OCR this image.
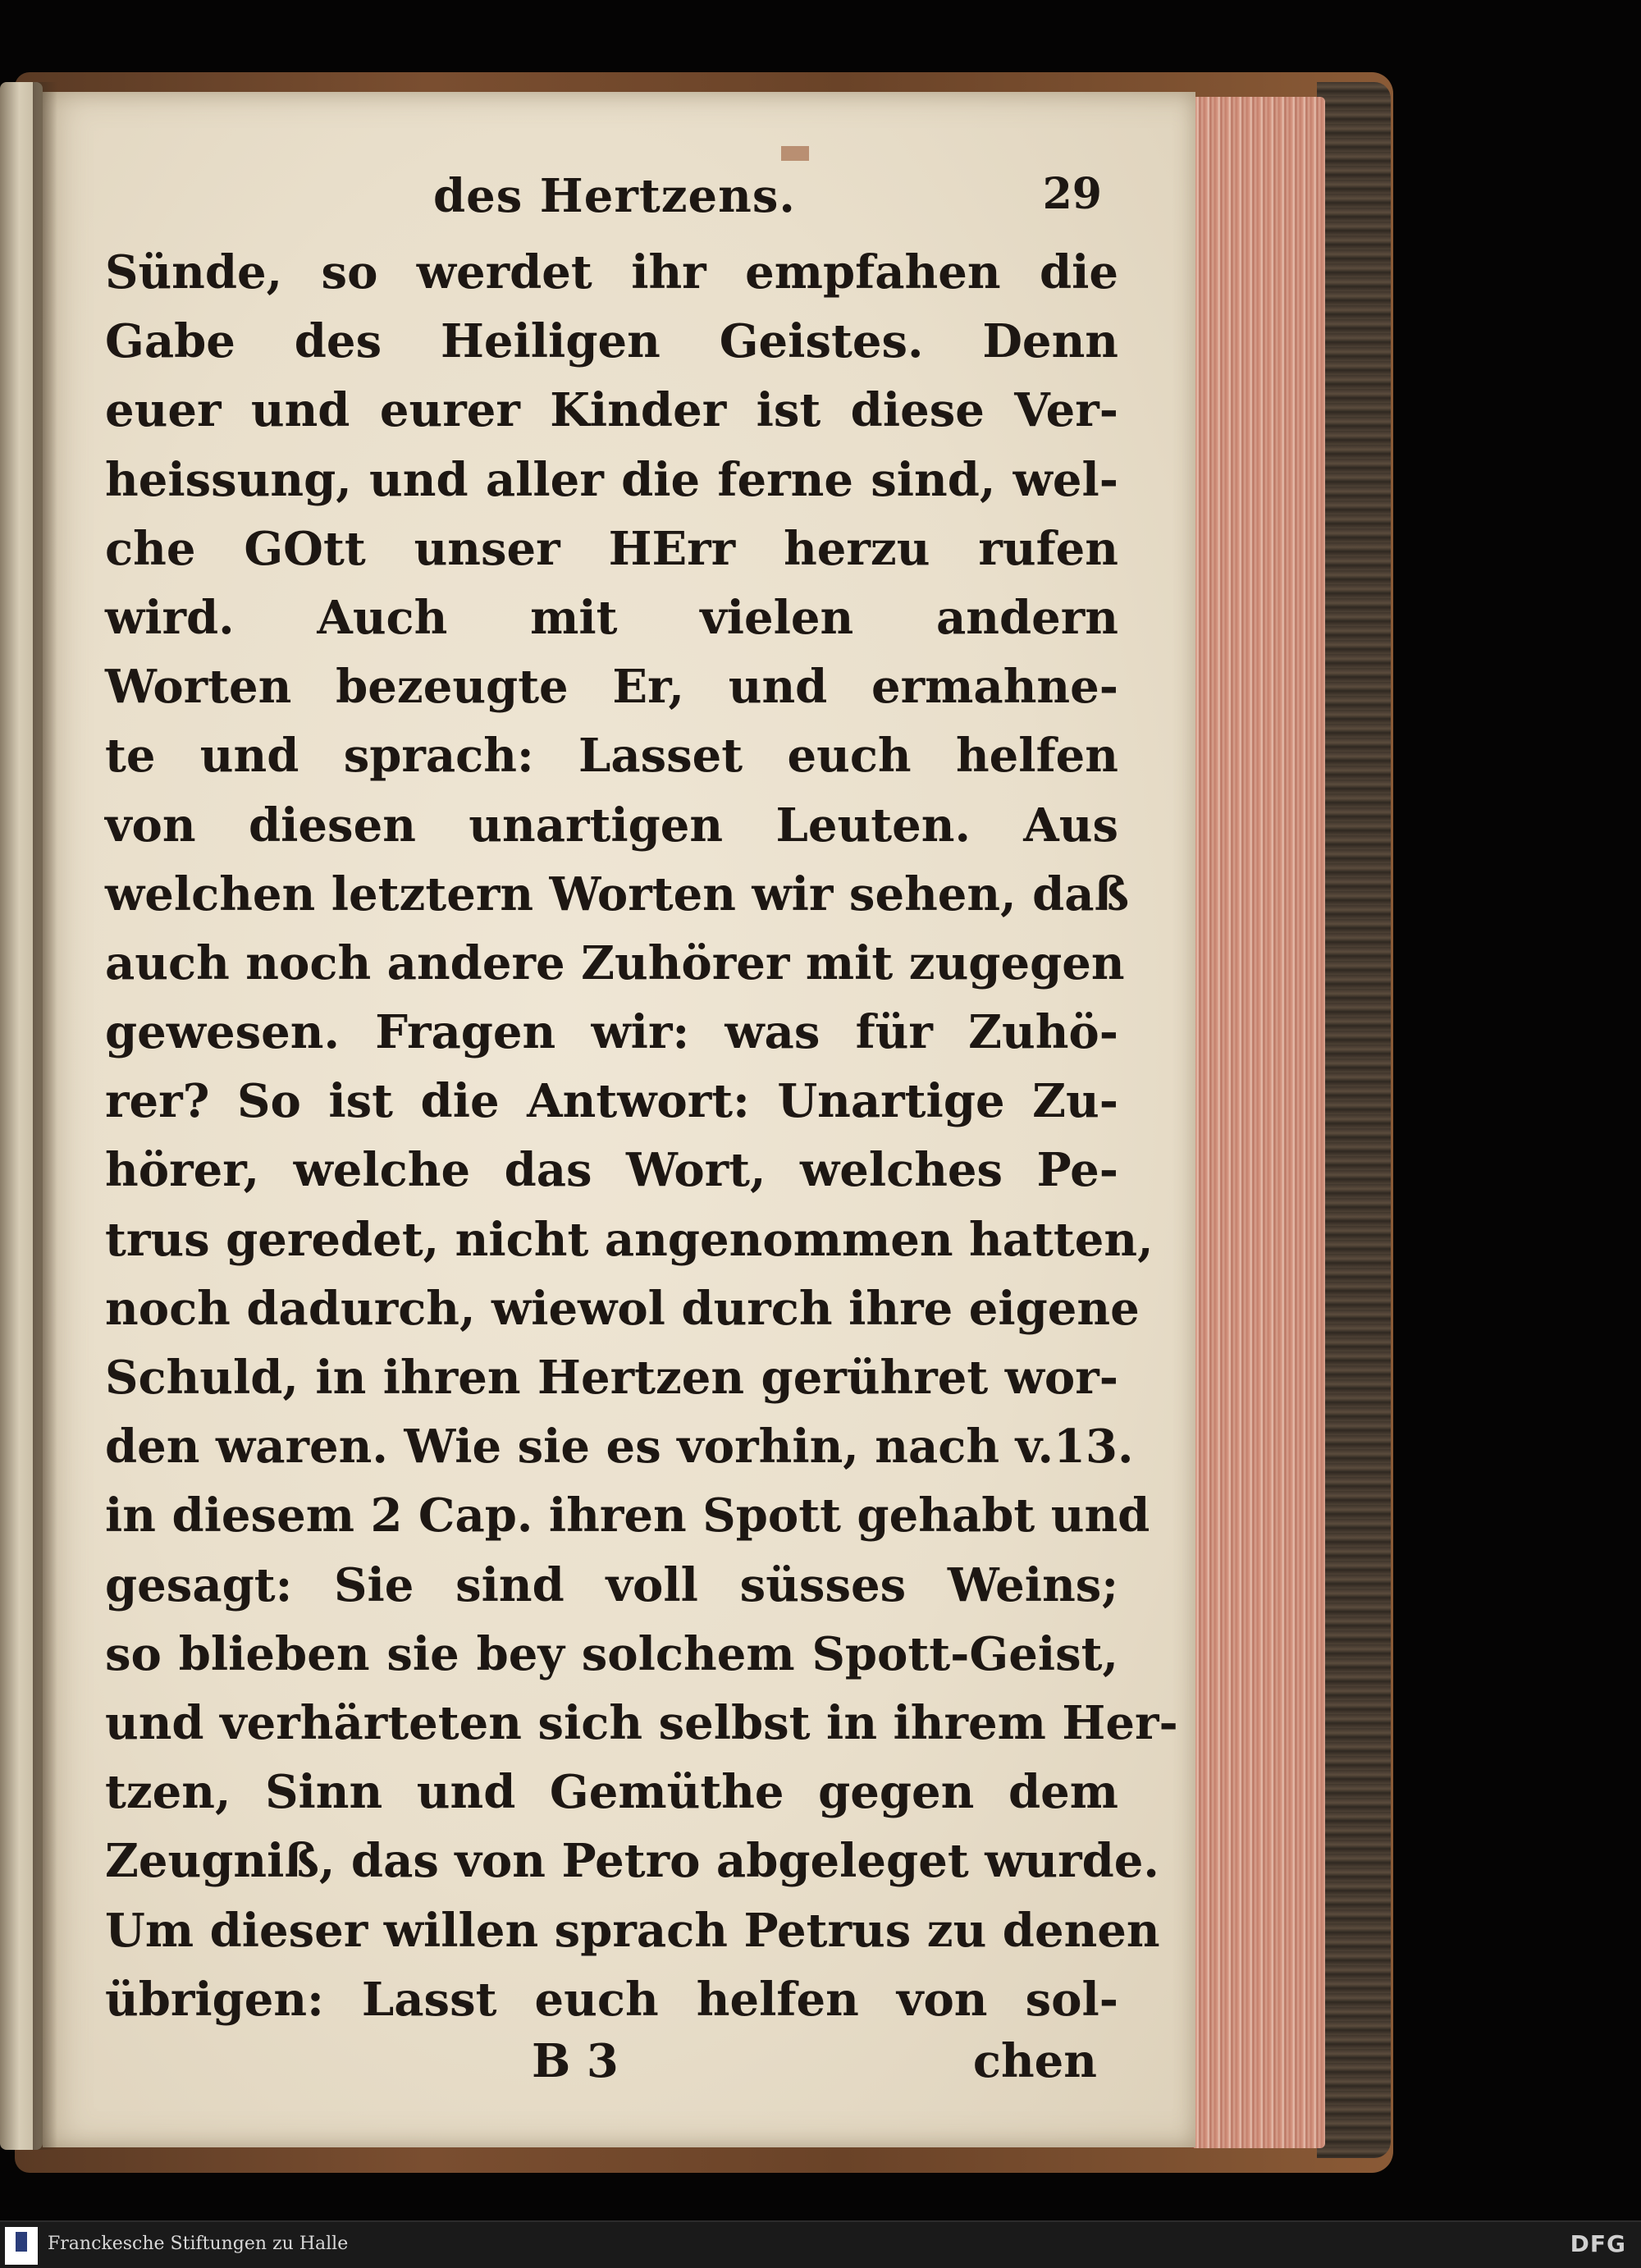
des Hertzens.	29
Sünde, so werdet ihr empfahen die
Gabe des Heiligen Geistes. Denn
euer und eurer Kinder ist diese Ver-
heissung, und aller die ferne sind, wel-
che GOtt unser HErr herzu rufen
wird. Auch mit vielen andern
Worten bezeugte Er, und ermahne-
te und sprach: Lasset euch helfen
von diesen unartigen Leuten. Aus
welchen letztern Worten wir sehen, daß
auch noch andere Zuhörer mit zugegen
gewesen. Fragen wir: was für Zuhö-
rer? So ist die Antwort: Unartige Zu-
hörer, welche das Wort, welches Pe-
trus geredet, nicht angenommen hatten,
noch dadurch, wiewol durch ihre eigene
Schuld, in ihren Hertzen gerühret wor-
den waren. Wie sie es vorhin, nach v.13.
in diesem 2 Cap. ihren Spott gehabt und
gesagt: Sie sind voll süsses Weins;
so blieben sie bey solchem Spott-Geist,
und verhärteten sich selbst in ihrem Her-
tzen, Sinn und Gemüthe gegen dem
Zeugniß, das von Petro abgeleget wurde.
Um dieser willen sprach Petrus zu denen
übrigen: Lasst euch helfen von sol-
B 3	chen
Franckesche Stiftungen zu Halle	DFG
